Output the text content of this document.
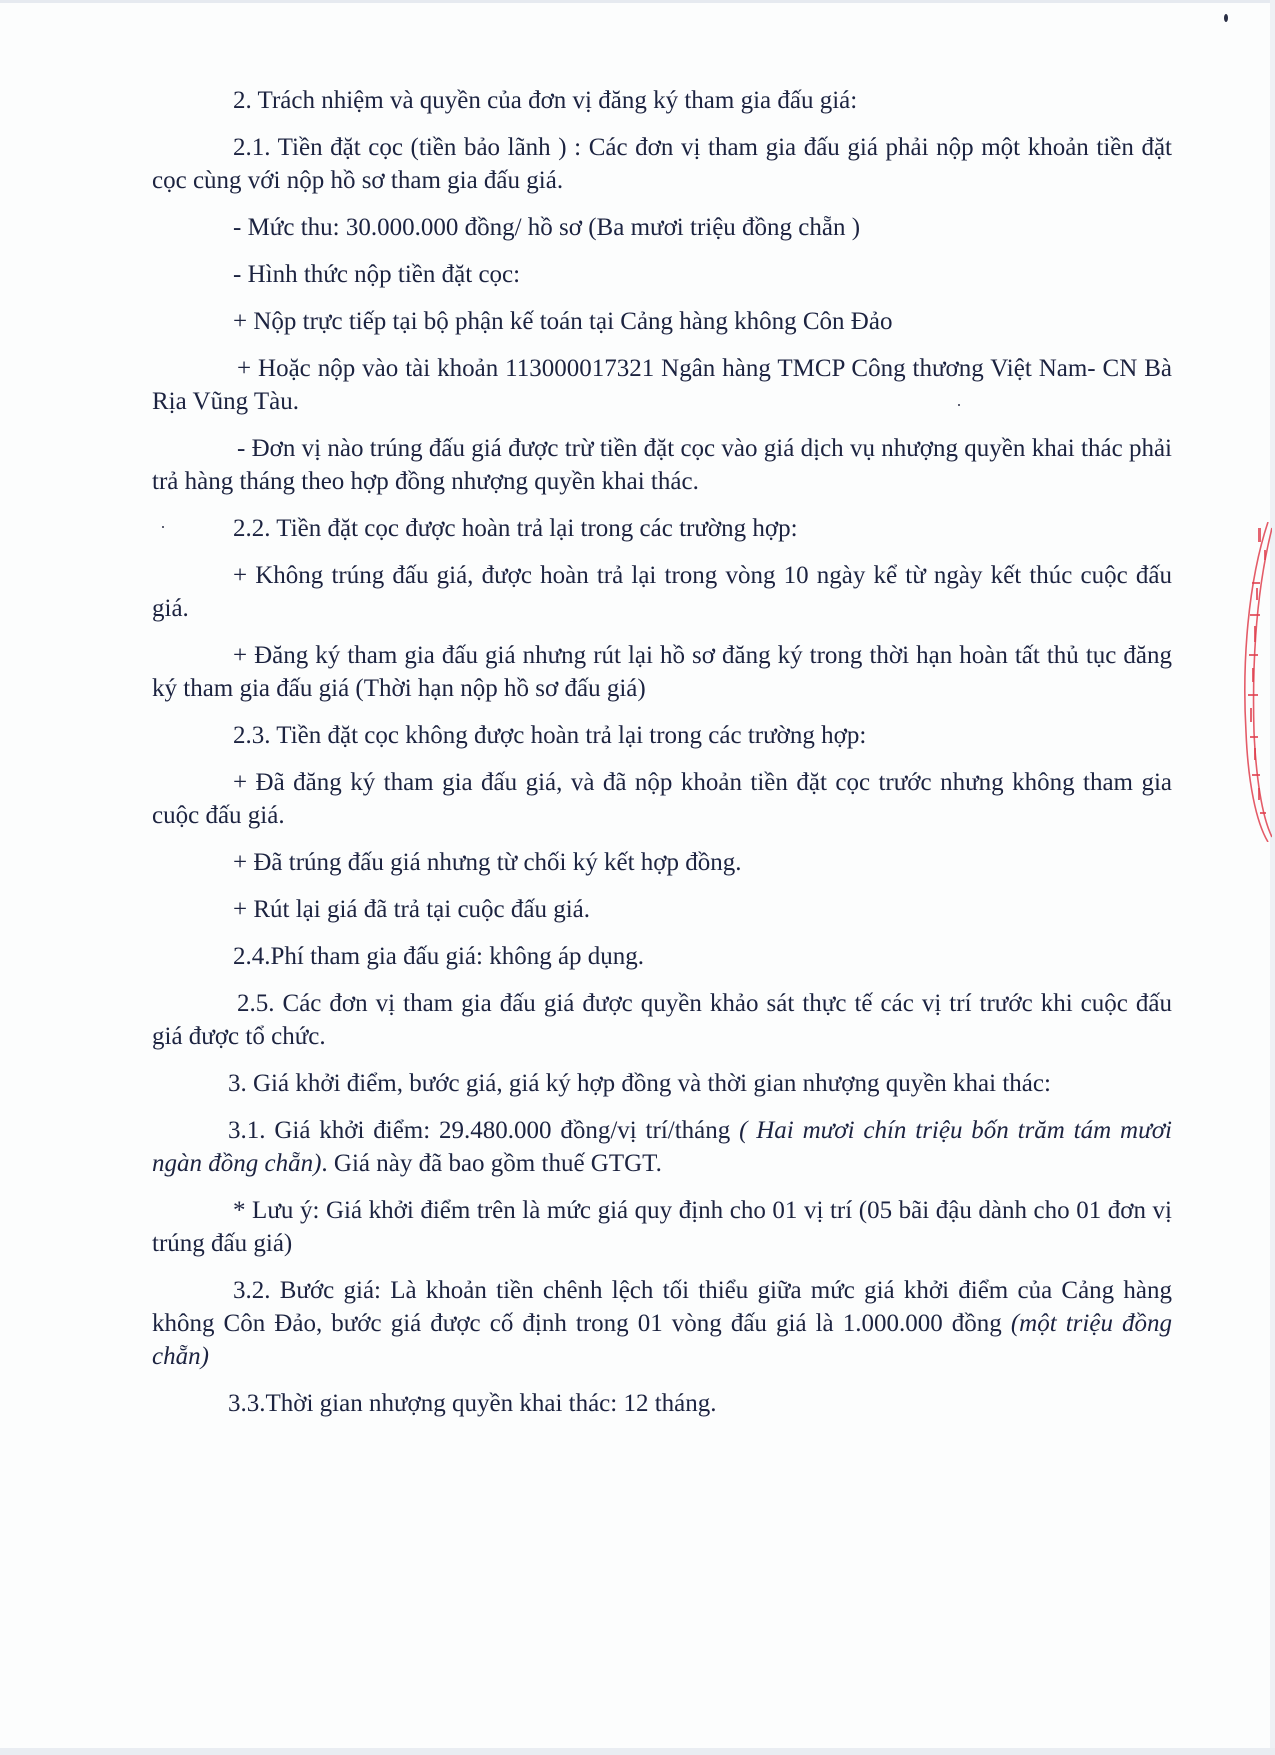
2. Trách nhiệm và quyền của đơn vị đăng ký tham gia đấu giá:

2.1. Tiền đặt cọc (tiền bảo lãnh ) : Các đơn vị tham gia đấu giá phải nộp một khoản tiền đặt cọc cùng với nộp hồ sơ tham gia đấu giá.

- Mức thu: 30.000.000 đồng/ hồ sơ (Ba mươi triệu đồng chẵn )

- Hình thức nộp tiền đặt cọc:

+ Nộp trực tiếp tại bộ phận kế toán tại Cảng hàng không Côn Đảo

+ Hoặc nộp vào tài khoản 113000017321 Ngân hàng TMCP Công thương Việt Nam- CN Bà Rịa Vũng Tàu.

- Đơn vị nào trúng đấu giá được trừ tiền đặt cọc vào giá dịch vụ nhượng quyền khai thác phải trả hàng tháng theo hợp đồng nhượng quyền khai thác.

2.2. Tiền đặt cọc được hoàn trả lại trong các trường hợp:

+ Không trúng đấu giá, được hoàn trả lại trong vòng 10 ngày kể từ ngày kết thúc cuộc đấu giá.

+ Đăng ký tham gia đấu giá nhưng rút lại hồ sơ đăng ký trong thời hạn hoàn tất thủ tục đăng ký tham gia đấu giá (Thời hạn nộp hồ sơ đấu giá)

2.3. Tiền đặt cọc không được hoàn trả lại trong các trường hợp:

+ Đã đăng ký tham gia đấu giá, và đã nộp khoản tiền đặt cọc trước nhưng không tham gia cuộc đấu giá.

+ Đã trúng đấu giá nhưng từ chối ký kết hợp đồng.

+ Rút lại giá đã trả tại cuộc đấu giá.

2.4.Phí tham gia đấu giá: không áp dụng.

2.5. Các đơn vị tham gia đấu giá được quyền khảo sát thực tế các vị trí trước khi cuộc đấu giá được tổ chức.

3. Giá khởi điểm, bước giá, giá ký hợp đồng và thời gian nhượng quyền khai thác:

3.1. Giá khởi điểm: 29.480.000 đồng/vị trí/tháng ( Hai mươi chín triệu bốn trăm tám mươi ngàn đồng chẵn). Giá này đã bao gồm thuế GTGT.

* Lưu ý: Giá khởi điểm trên là mức giá quy định cho 01 vị trí (05 bãi đậu dành cho 01 đơn vị trúng đấu giá)

3.2. Bước giá: Là khoản tiền chênh lệch tối thiểu giữa mức giá khởi điểm của Cảng hàng không Côn Đảo, bước giá được cố định trong 01 vòng đấu giá là 1.000.000 đồng (một triệu đồng chẵn)

3.3.Thời gian nhượng quyền khai thác: 12 tháng.
